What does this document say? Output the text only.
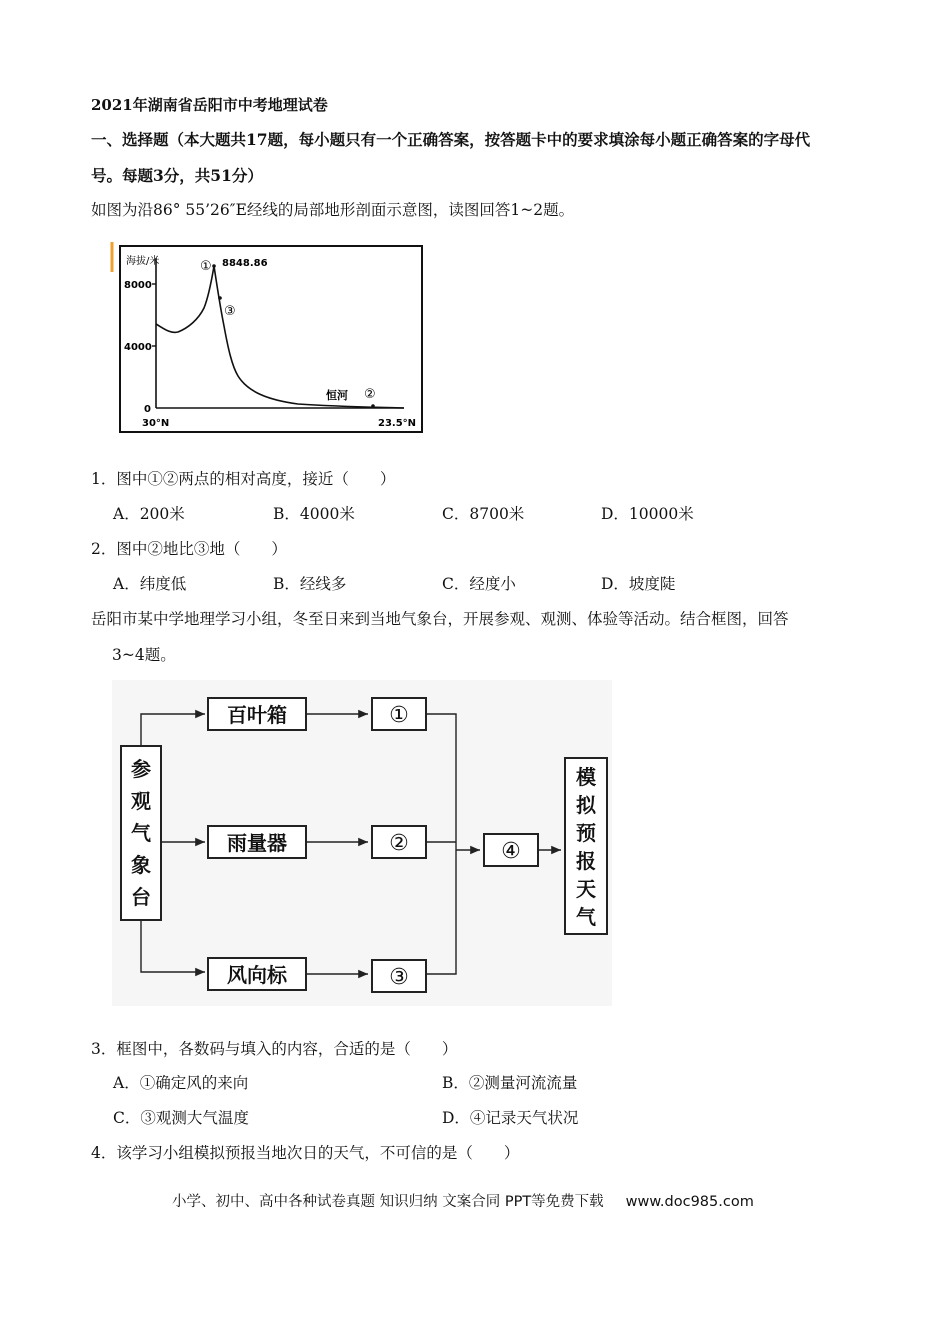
2021年湖南省岳阳市中考地理试卷
一、选择题（本大题共17题，每小题只有一个正确答案，按答题卡中的要求填涂每小题正确答案的字母代
号。每题3分，共51分）
如图为沿86° 55’26″E经线的局部地形剖面示意图，读图回答1~2题。
海拔/米
8000
4000
0
30°N	23.5°N
① 8848.86
③
恒河 ②
1．图中①②两点的相对高度，接近（　　）
A．200米	B．4000米	C．8700米	D．10000米
2．图中②地比③地（　　）
A．纬度低	B．经线多	C．经度小	D．坡度陡
岳阳市某中学地理学习小组，冬至日来到当地气象台，开展参观、观测、体验等活动。结合框图，回答
3~4题。
参
观
气
象
台
百叶箱
雨量器
风向标
①
②
③
④
模
拟
预
报
天
气
3．框图中，各数码与填入的内容，合适的是（　　）
A．①确定风的来向	B．②测量河流流量
C．③观测大气温度	D．④记录天气状况
4．该学习小组模拟预报当地次日的天气，不可信的是（　　）
小学、初中、高中各种试卷真题 知识归纳 文案合同 PPT等免费下载 www.doc985.com
